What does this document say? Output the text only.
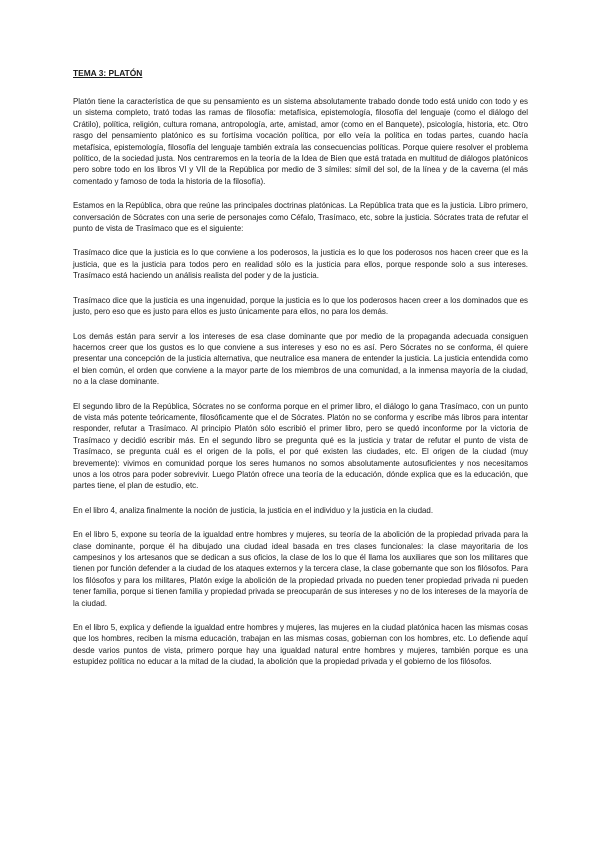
TEMA 3: PLATÓN

Platón tiene la característica de que su pensamiento es un sistema absolutamente trabado donde todo está unido con todo y es un sistema completo, trató todas las ramas de filosofía: metafísica, epistemología, filosofía del lenguaje (como el diálogo del Crátilo), política, religión, cultura romana, antropología, arte, amistad, amor (como en el Banquete), psicología, historia, etc. Otro rasgo del pensamiento platónico es su fortísima vocación política, por ello veía la política en todas partes, cuando hacía metafísica, epistemología, filosofía del lenguaje también extraía las consecuencias políticas. Porque quiere resolver el problema político, de la sociedad justa. Nos centraremos en la teoría de la Idea de Bien que está tratada en multitud de diálogos platónicos pero sobre todo en los libros VI y VII de la República por medio de 3 símiles: símil del sol, de la línea y de la caverna (el más comentado y famoso de toda la historia de la filosofía).

Estamos en la República, obra que reúne las principales doctrinas platónicas. La República trata que es la justicia. Libro primero, conversación de Sócrates con una serie de personajes como Céfalo, Trasímaco, etc, sobre la justicia. Sócrates trata de refutar el punto de vista de Trasímaco que es el siguiente:

Trasímaco dice que la justicia es lo que conviene a los poderosos, la justicia es lo que los poderosos nos hacen creer que es la justicia, que es la justicia para todos pero en realidad sólo es la justicia para ellos, porque responde solo a sus intereses. Trasímaco está haciendo un análisis realista del poder y de la justicia.

Trasímaco dice que la justicia es una ingenuidad, porque la justicia es lo que los poderosos hacen creer a los dominados que es justo, pero eso que es justo para ellos es justo únicamente para ellos, no para los demás.

Los demás están para servir a los intereses de esa clase dominante que por medio de la propaganda adecuada consiguen hacernos creer que los gustos es lo que conviene a sus intereses y eso no es así. Pero Sócrates no se conforma, él quiere presentar una concepción de la justicia alternativa, que neutralice esa manera de entender la justicia. La justicia entendida como el bien común, el orden que conviene a la mayor parte de los miembros de una comunidad, a la inmensa mayoría de la ciudad, no a la clase dominante.

El segundo libro de la República, Sócrates no se conforma porque en el primer libro, el diálogo lo gana Trasímaco, con un punto de vista más potente teóricamente, filosóficamente que el de Sócrates. Platón no se conforma y escribe más libros para intentar responder, refutar a Trasímaco. Al principio Platón sólo escribió el primer libro, pero se quedó inconforme por la victoria de Trasímaco y decidió escribir más. En el segundo libro se pregunta qué es la justicia y tratar de refutar el punto de vista de Trasímaco, se pregunta cuál es el origen de la polis, el por qué existen las ciudades, etc. El origen de la ciudad (muy brevemente): vivimos en comunidad porque los seres humanos no somos absolutamente autosuficientes y nos necesitamos unos a los otros para poder sobrevivir. Luego Platón ofrece una teoría de la educación, dónde explica que es la educación, que partes tiene, el plan de estudio, etc.

En el libro 4, analiza finalmente la noción de justicia, la justicia en el individuo y la justicia en la ciudad.

En el libro 5, expone su teoría de la igualdad entre hombres y mujeres, su teoría de la abolición de la propiedad privada para la clase dominante, porque él ha dibujado una ciudad ideal basada en tres clases funcionales: la clase mayoritaria de los campesinos y los artesanos que se dedican a sus oficios, la clase de los lo que él llama los auxiliares que son los militares que tienen por función defender a la ciudad de los ataques externos y la tercera clase, la clase gobernante que son los filósofos. Para los filósofos y para los militares, Platón exige la abolición de la propiedad privada no pueden tener propiedad privada ni pueden tener familia, porque si tienen familia y propiedad privada se preocuparán de sus intereses y no de los intereses de la mayoría de la ciudad.

En el libro 5, explica y defiende la igualdad entre hombres y mujeres, las mujeres en la ciudad platónica hacen las mismas cosas que los hombres, reciben la misma educación, trabajan en las mismas cosas, gobiernan con los hombres, etc. Lo defiende aquí desde varios puntos de vista, primero porque hay una igualdad natural entre hombres y mujeres, también porque es una estupidez política no educar a la mitad de la ciudad, la abolición que la propiedad privada y el gobierno de los filósofos.
